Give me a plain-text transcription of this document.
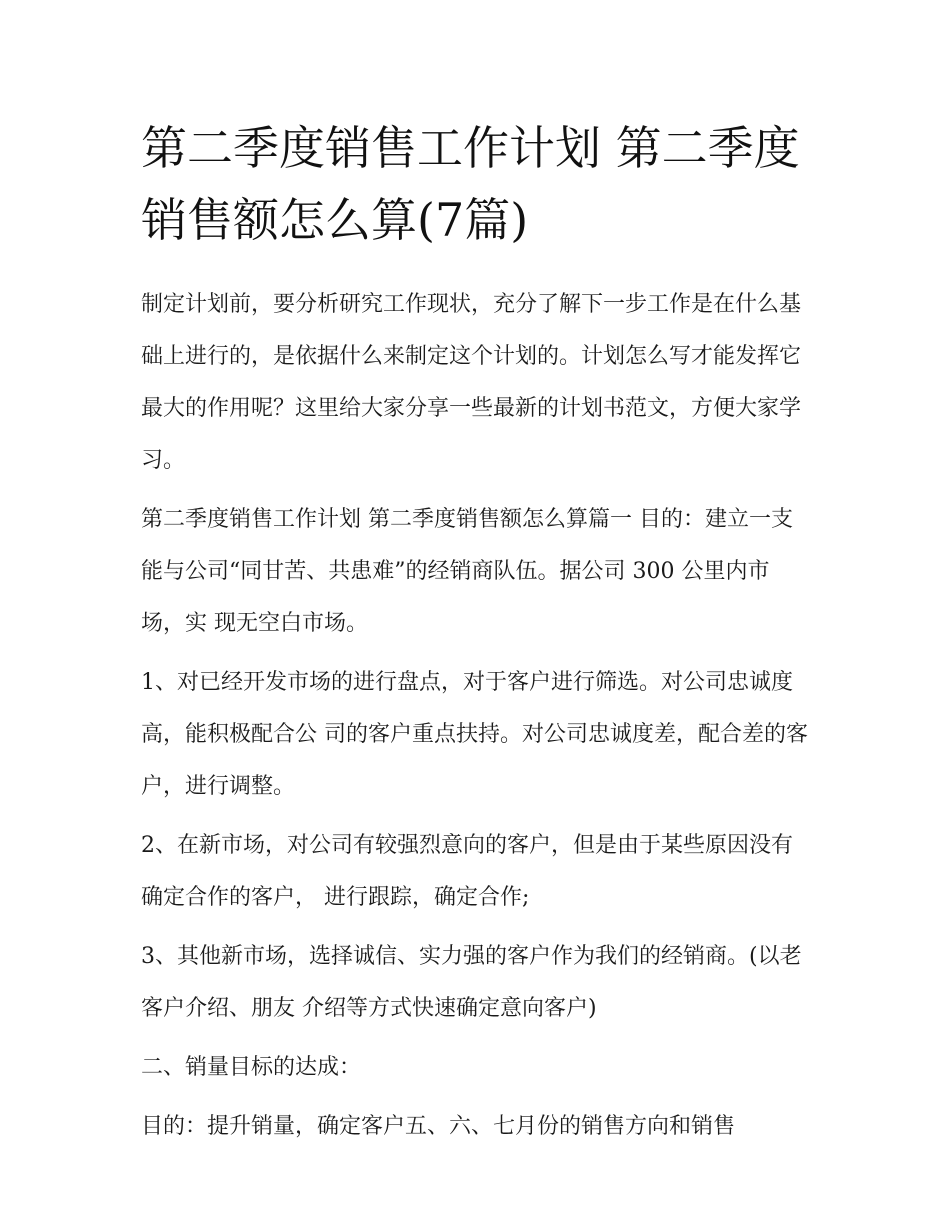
第二季度销售工作计划 第二季度销售额怎么算(7篇)

制定计划前，要分析研究工作现状，充分了解下一步工作是在什么基础上进行的，是依据什么来制定这个计划的。计划怎么写才能发挥它最大的作用呢？这里给大家分享一些最新的计划书范文，方便大家学习。

第二季度销售工作计划 第二季度销售额怎么算篇一 目的：建立一支能与公司“同甘苦、共患难”的经销商队伍。据公司 300 公里内市场，实 现无空白市场。

1、对已经开发市场的进行盘点，对于客户进行筛选。对公司忠诚度高，能积极配合公 司的客户重点扶持。对公司忠诚度差，配合差的客户，进行调整。

2、在新市场，对公司有较强烈意向的客户，但是由于某些原因没有确定合作的客户， 进行跟踪，确定合作;

3、其他新市场，选择诚信、实力强的客户作为我们的经销商。(以老客户介绍、朋友 介绍等方式快速确定意向客户)

二、销量目标的达成：

目的：提升销量，确定客户五、六、七月份的销售方向和销售
